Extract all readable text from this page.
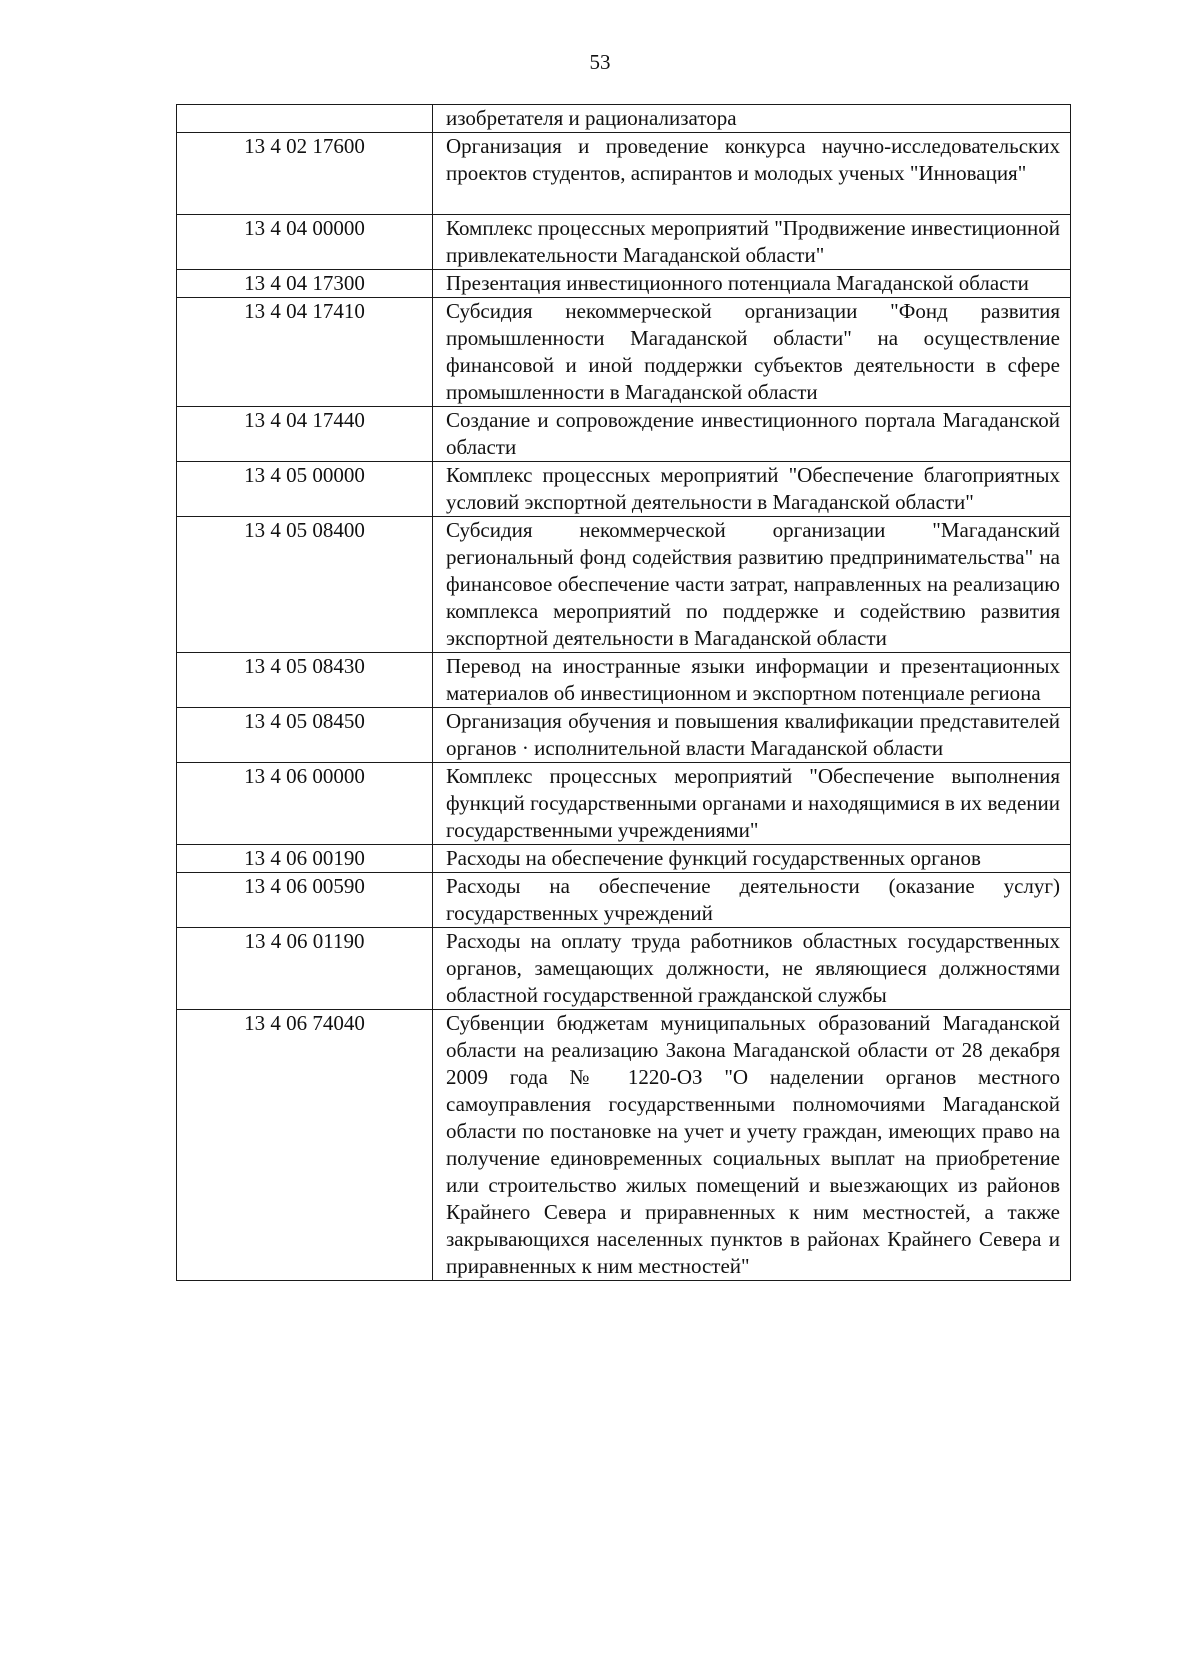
53
	изобретателя и рационализатора
13 4 02 17600	Организация и проведение конкурса научно-исследовательских проектов студентов, аспирантов и молодых ученых "Инновация"
13 4 04 00000	Комплекс процессных мероприятий "Продвижение инвестиционной привлекательности Магаданской области"
13 4 04 17300	Презентация инвестиционного потенциала Магаданской области
13 4 04 17410	Субсидия некоммерческой организации "Фонд развития промышленности Магаданской области" на осуществление финансовой и иной поддержки субъектов деятельности в сфере промышленности в Магаданской области
13 4 04 17440	Создание и сопровождение инвестиционного портала Магаданской области
13 4 05 00000	Комплекс процессных мероприятий "Обеспечение благоприятных условий экспортной деятельности в Магаданской области"
13 4 05 08400	Субсидия некоммерческой организации "Магаданский региональный фонд содействия развитию предпринимательства" на финансовое обеспечение части затрат, направленных на реализацию комплекса мероприятий по поддержке и содействию развития экспортной деятельности в Магаданской области
13 4 05 08430	Перевод на иностранные языки информации и презентационных материалов об инвестиционном и экспортном потенциале региона
13 4 05 08450	Организация обучения и повышения квалификации представителей органов · исполнительной власти Магаданской области
13 4 06 00000	Комплекс процессных мероприятий "Обеспечение выполнения функций государственными органами и находящимися в их ведении государственными учреждениями"
13 4 06 00190	Расходы на обеспечение функций государственных органов
13 4 06 00590	Расходы на обеспечение деятельности (оказание услуг) государственных учреждений
13 4 06 01190	Расходы на оплату труда работников областных государственных органов, замещающих должности, не являющиеся должностями областной государственной гражданской службы
13 4 06 74040	Субвенции бюджетам муниципальных образований Магаданской области на реализацию Закона Магаданской области от 28 декабря 2009 года № 1220-ОЗ "О наделении органов местного самоуправления государственными полномочиями Магаданской области по постановке на учет и учету граждан, имеющих право на получение единовременных социальных выплат на приобретение или строительство жилых помещений и выезжающих из районов Крайнего Севера и приравненных к ним местностей, а также закрывающихся населенных пунктов в районах Крайнего Севера и приравненных к ним местностей"
